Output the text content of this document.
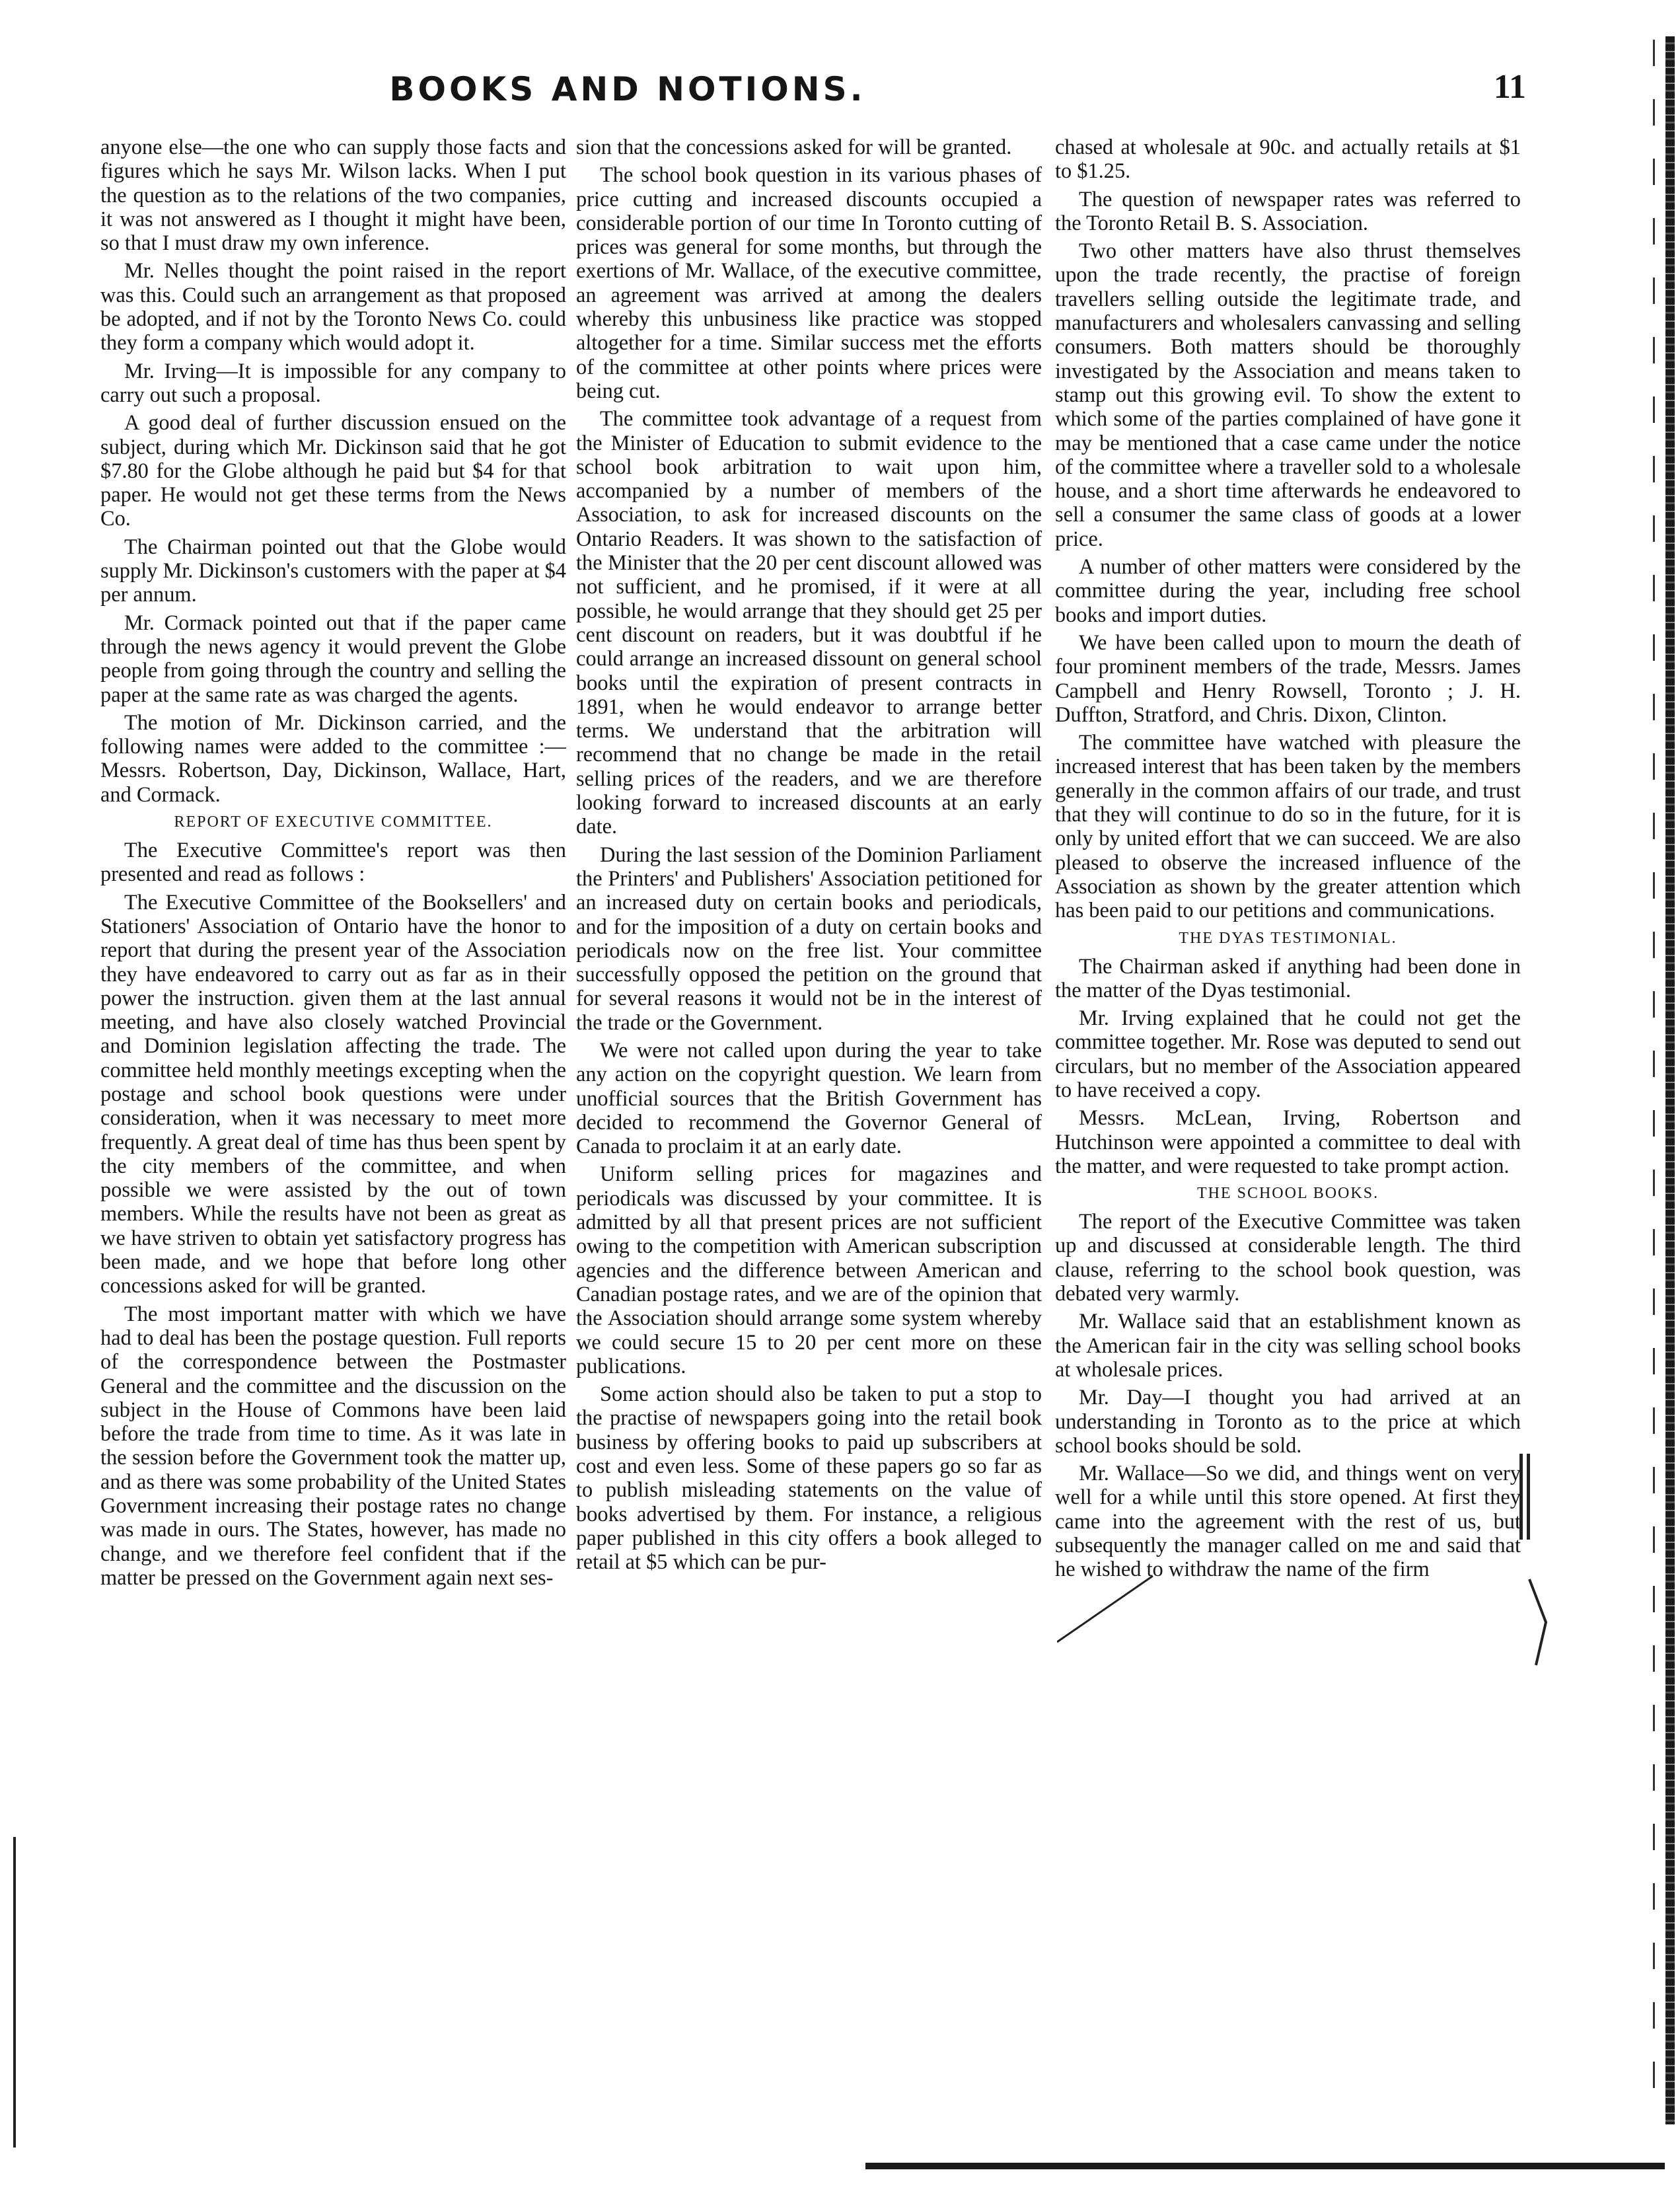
BOOKS AND NOTIONS.	11

anyone else—the one who can supply those facts and figures which he says Mr. Wilson lacks. When I put the question as to the relations of the two companies, it was not answered as I thought it might have been, so that I must draw my own inference.

Mr. Nelles thought the point raised in the report was this. Could such an arrangement as that proposed be adopted, and if not by the Toronto News Co. could they form a company which would adopt it.

Mr. Irving—It is impossible for any company to carry out such a proposal.

A good deal of further discussion ensued on the subject, during which Mr. Dickinson said that he got $7.80 for the Globe although he paid but $4 for that paper. He would not get these terms from the News Co.

The Chairman pointed out that the Globe would supply Mr. Dickinson's customers with the paper at $4 per annum.

Mr. Cormack pointed out that if the paper came through the news agency it would prevent the Globe people from going through the country and selling the paper at the same rate as was charged the agents.

The motion of Mr. Dickinson carried, and the following names were added to the committee :—Messrs. Robertson, Day, Dickinson, Wallace, Hart, and Cormack.

REPORT OF EXECUTIVE COMMITTEE.

The Executive Committee's report was then presented and read as follows :

The Executive Committee of the Booksellers' and Stationers' Association of Ontario have the honor to report that during the present year of the Association they have endeavored to carry out as far as in their power the instruction. given them at the last annual meeting, and have also closely watched Provincial and Dominion legislation affecting the trade. The committee held monthly meetings excepting when the postage and school book questions were under consideration, when it was necessary to meet more frequently. A great deal of time has thus been spent by the city members of the committee, and when possible we were assisted by the out of town members. While the results have not been as great as we have striven to obtain yet satisfactory progress has been made, and we hope that before long other concessions asked for will be granted.

The most important matter with which we have had to deal has been the postage question. Full reports of the correspondence between the Postmaster General and the committee and the discussion on the subject in the House of Commons have been laid before the trade from time to time. As it was late in the session before the Government took the matter up, and as there was some probability of the United States Government increasing their postage rates no change was made in ours. The States, however, has made no change, and we therefore feel confident that if the matter be pressed on the Government again next ses-

sion that the concessions asked for will be granted.

The school book question in its various phases of price cutting and increased discounts occupied a considerable portion of our time In Toronto cutting of prices was general for some months, but through the exertions of Mr. Wallace, of the executive committee, an agreement was arrived at among the dealers whereby this unbusiness like practice was stopped altogether for a time. Similar success met the efforts of the committee at other points where prices were being cut.

The committee took advantage of a request from the Minister of Education to submit evidence to the school book arbitration to wait upon him, accompanied by a number of members of the Association, to ask for increased discounts on the Ontario Readers. It was shown to the satisfaction of the Minister that the 20 per cent discount allowed was not sufficient, and he promised, if it were at all possible, he would arrange that they should get 25 per cent discount on readers, but it was doubtful if he could arrange an increased dissount on general school books until the expiration of present contracts in 1891, when he would endeavor to arrange better terms. We understand that the arbitration will recommend that no change be made in the retail selling prices of the readers, and we are therefore looking forward to increased discounts at an early date.

During the last session of the Dominion Parliament the Printers' and Publishers' Association petitioned for an increased duty on certain books and periodicals, and for the imposition of a duty on certain books and periodicals now on the free list. Your committee successfully opposed the petition on the ground that for several reasons it would not be in the interest of the trade or the Government.

We were not called upon during the year to take any action on the copyright question. We learn from unofficial sources that the British Government has decided to recommend the Governor General of Canada to proclaim it at an early date.

Uniform selling prices for magazines and periodicals was discussed by your committee. It is admitted by all that present prices are not sufficient owing to the competition with American subscription agencies and the difference between American and Canadian postage rates, and we are of the opinion that the Association should arrange some system whereby we could secure 15 to 20 per cent more on these publications.

Some action should also be taken to put a stop to the practise of newspapers going into the retail book business by offering books to paid up subscribers at cost and even less. Some of these papers go so far as to publish misleading statements on the value of books advertised by them. For instance, a religious paper published in this city offers a book alleged to retail at $5 which can be pur-

chased at wholesale at 90c. and actually retails at $1 to $1.25.

The question of newspaper rates was referred to the Toronto Retail B. S. Association.

Two other matters have also thrust themselves upon the trade recently, the practise of foreign travellers selling outside the legitimate trade, and manufacturers and wholesalers canvassing and selling consumers. Both matters should be thoroughly investigated by the Association and means taken to stamp out this growing evil. To show the extent to which some of the parties complained of have gone it may be mentioned that a case came under the notice of the committee where a traveller sold to a wholesale house, and a short time afterwards he endeavored to sell a consumer the same class of goods at a lower price.

A number of other matters were considered by the committee during the year, including free school books and import duties.

We have been called upon to mourn the death of four prominent members of the trade, Messrs. James Campbell and Henry Rowsell, Toronto ; J. H. Duffton, Stratford, and Chris. Dixon, Clinton.

The committee have watched with pleasure the increased interest that has been taken by the members generally in the common affairs of our trade, and trust that they will continue to do so in the future, for it is only by united effort that we can succeed. We are also pleased to observe the increased influence of the Association as shown by the greater attention which has been paid to our petitions and communications.

THE DYAS TESTIMONIAL.

The Chairman asked if anything had been done in the matter of the Dyas testimonial.

Mr. Irving explained that he could not get the committee together. Mr. Rose was deputed to send out circulars, but no member of the Association appeared to have received a copy.

Messrs. McLean, Irving, Robertson and Hutchinson were appointed a committee to deal with the matter, and were requested to take prompt action.

THE SCHOOL BOOKS.

The report of the Executive Committee was taken up and discussed at considerable length. The third clause, referring to the school book question, was debated very warmly.

Mr. Wallace said that an establishment known as the American fair in the city was selling school books at wholesale prices.

Mr. Day—I thought you had arrived at an understanding in Toronto as to the price at which school books should be sold.

Mr. Wallace—So we did, and things went on very well for a while until this store opened. At first they came into the agreement with the rest of us, but subsequently the manager called on me and said that he wished to withdraw the name of the firm
